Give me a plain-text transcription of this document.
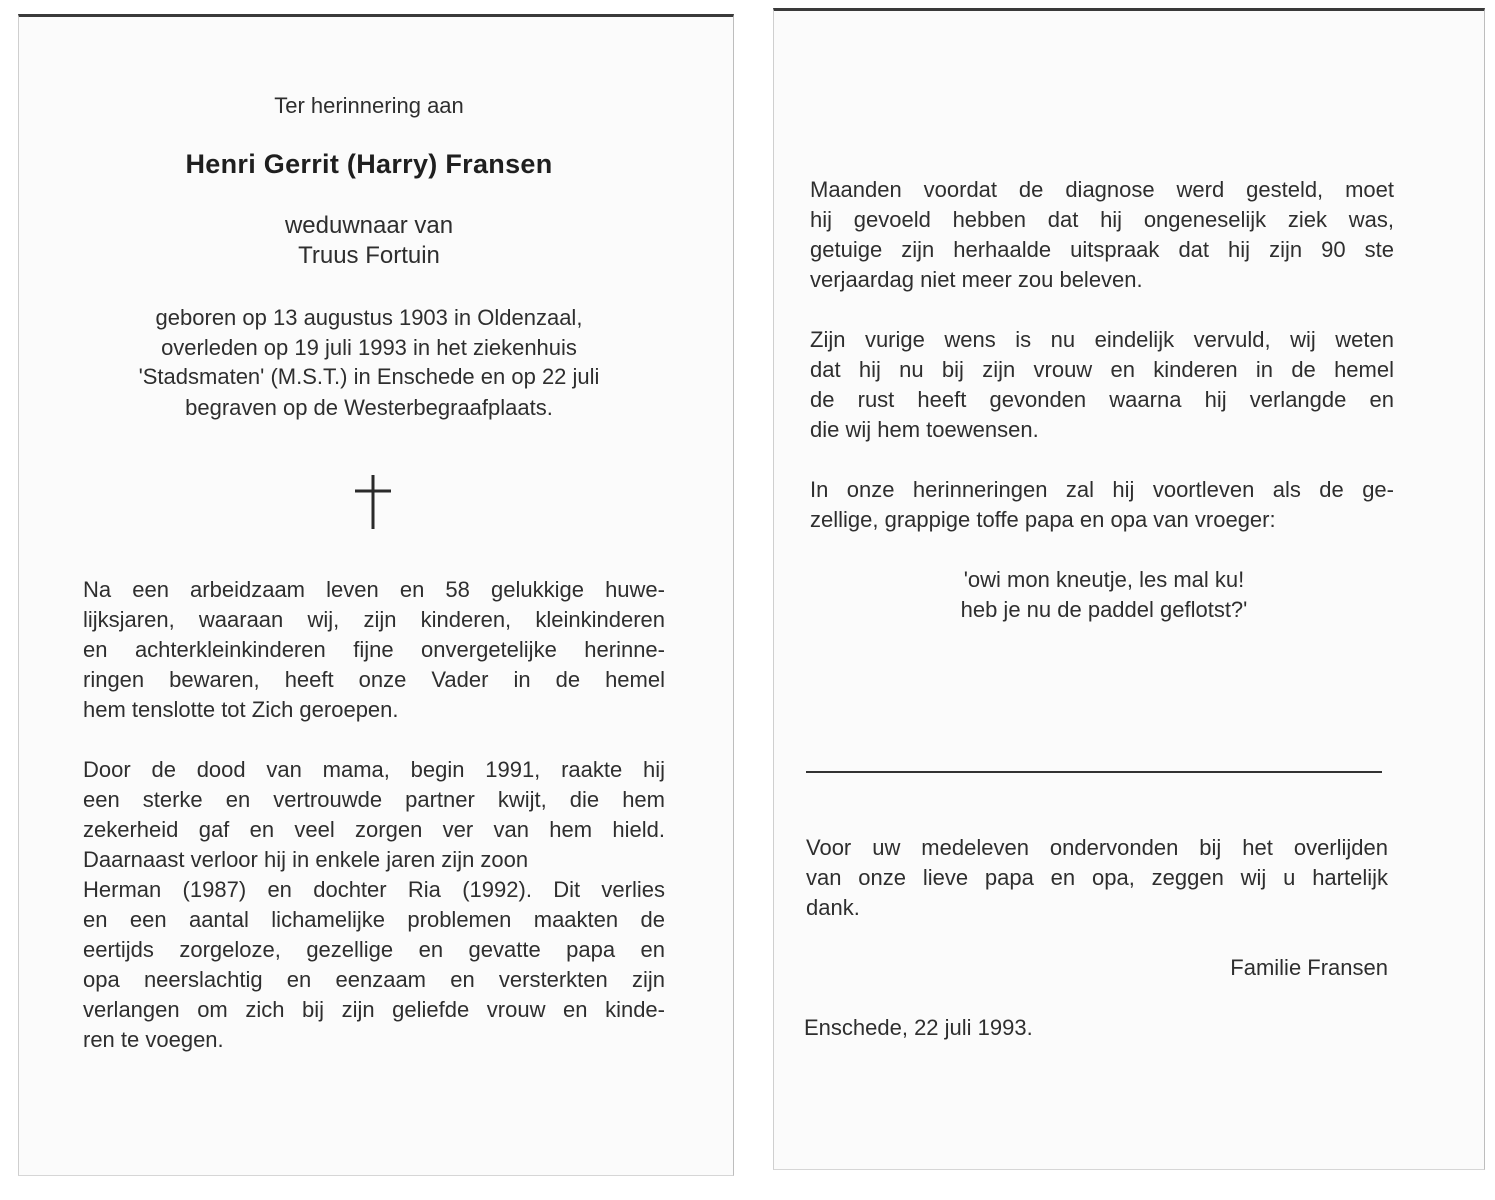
Ter herinnering aan
Henri Gerrit (Harry) Fransen
weduwnaar van
Truus Fortuin
geboren op 13 augustus 1903 in Oldenzaal,
overleden op 19 juli 1993 in het ziekenhuis
'Stadsmaten' (M.S.T.) in Enschede en op 22 juli
begraven op de Westerbegraafplaats.
Na een arbeidzaam leven en 58 gelukkige huwe-
lijksjaren, waaraan wij, zijn kinderen, kleinkinderen
en achterkleinkinderen fijne onvergetelijke herinne-
ringen bewaren, heeft onze Vader in de hemel
hem tenslotte tot Zich geroepen.
Door de dood van mama, begin 1991, raakte hij
een sterke en vertrouwde partner kwijt, die hem
zekerheid gaf en veel zorgen ver van hem hield.
Daarnaast verloor hij in enkele jaren zijn zoon
Herman (1987) en dochter Ria (1992). Dit verlies
en een aantal lichamelijke problemen maakten de
eertijds zorgeloze, gezellige en gevatte papa en
opa neerslachtig en eenzaam en versterkten zijn
verlangen om zich bij zijn geliefde vrouw en kinde-
ren te voegen.
Maanden voordat de diagnose werd gesteld, moet
hij gevoeld hebben dat hij ongeneselijk ziek was,
getuige zijn herhaalde uitspraak dat hij zijn 90 ste
verjaardag niet meer zou beleven.
Zijn vurige wens is nu eindelijk vervuld, wij weten
dat hij nu bij zijn vrouw en kinderen in de hemel
de rust heeft gevonden waarna hij verlangde en
die wij hem toewensen.
In onze herinneringen zal hij voortleven als de ge-
zellige, grappige toffe papa en opa van vroeger:
'owi mon kneutje, les mal ku!
heb je nu de paddel geflotst?'
Voor uw medeleven ondervonden bij het overlijden
van onze lieve papa en opa, zeggen wij u hartelijk
dank.
Familie Fransen
Enschede, 22 juli 1993.
